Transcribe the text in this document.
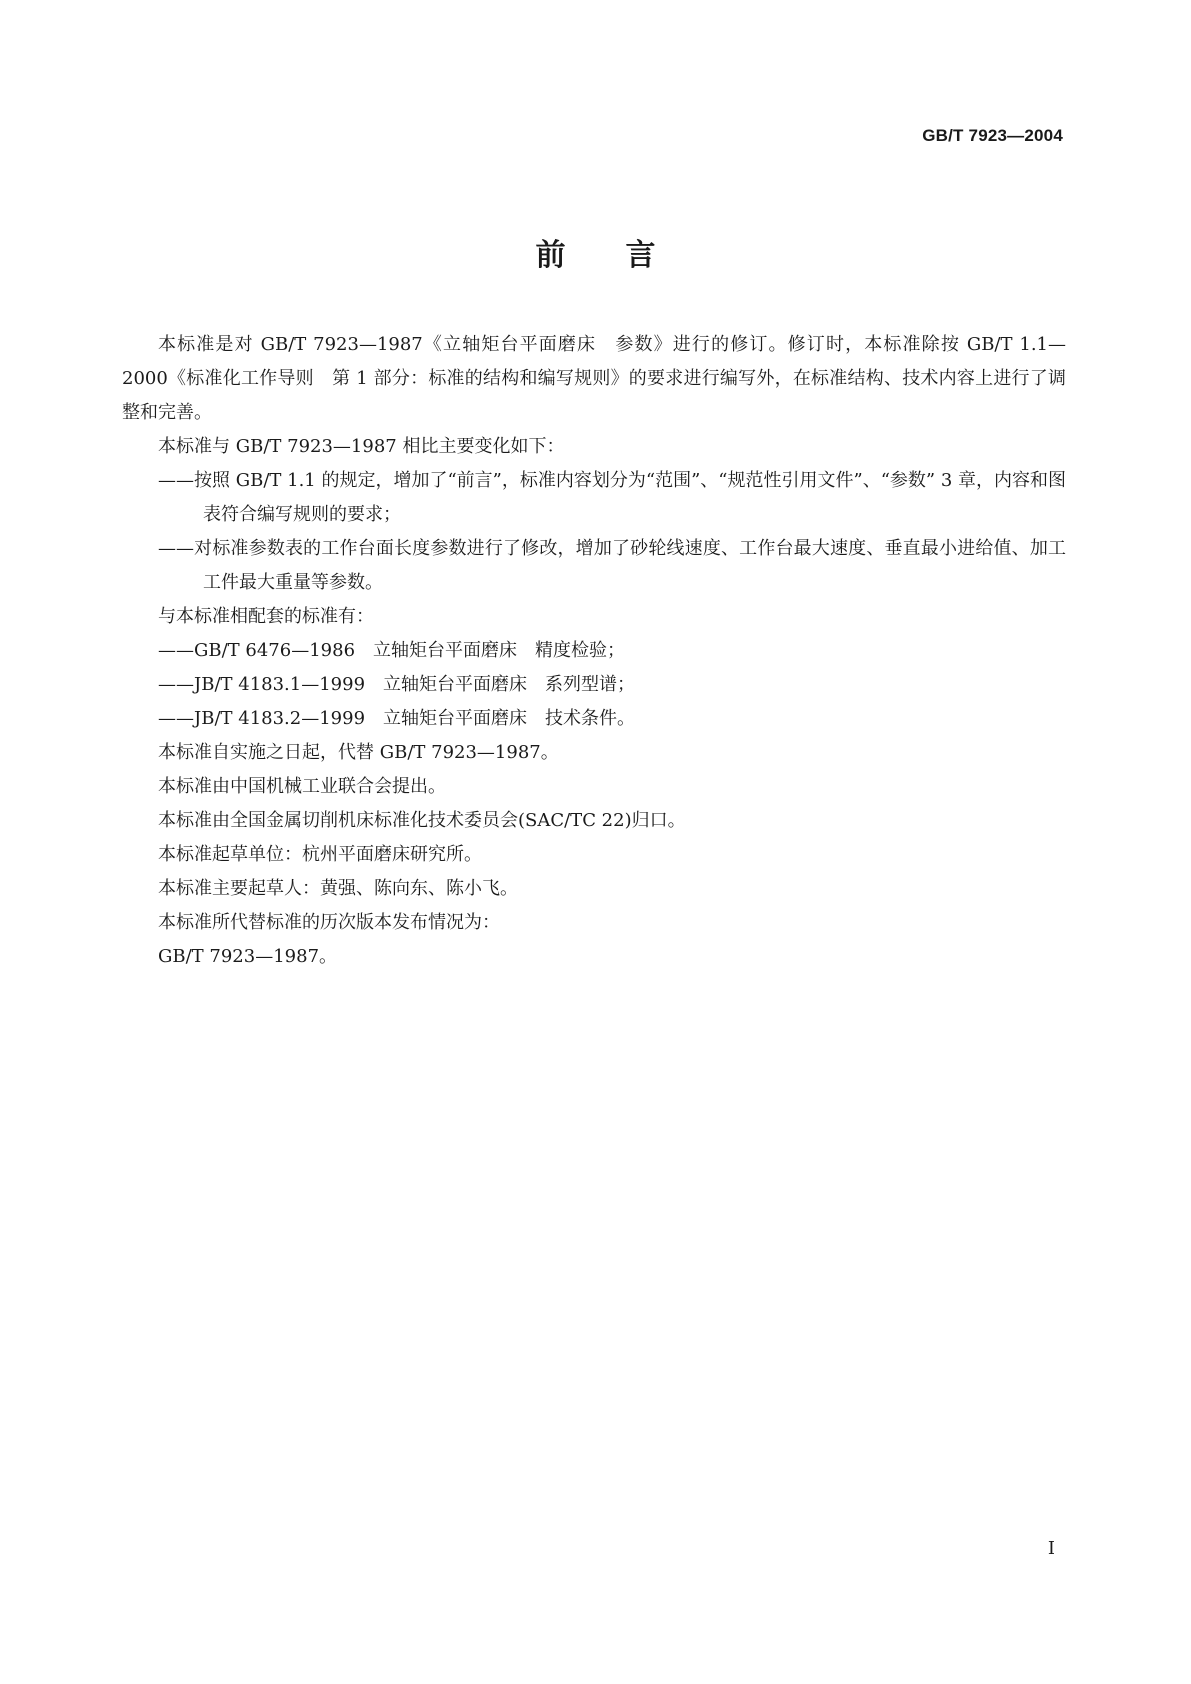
GB/T 7923—2004
前　　言

本标准是对 GB/T 7923—1987《立轴矩台平面磨床　参数》进行的修订。修订时，本标准除按 GB/T 1.1—2000《标准化工作导则　第 1 部分：标准的结构和编写规则》的要求进行编写外，在标准结构、技术内容上进行了调整和完善。

本标准与 GB/T 7923—1987 相比主要变化如下：

——按照 GB/T 1.1 的规定，增加了“前言”，标准内容划分为“范围”、“规范性引用文件”、“参数” 3 章，内容和图表符合编写规则的要求；

——对标准参数表的工作台面长度参数进行了修改，增加了砂轮线速度、工作台最大速度、垂直最小进给值、加工工件最大重量等参数。

与本标准相配套的标准有：

——GB/T 6476—1986　立轴矩台平面磨床　精度检验；

——JB/T 4183.1—1999　立轴矩台平面磨床　系列型谱；

——JB/T 4183.2—1999　立轴矩台平面磨床　技术条件。

本标准自实施之日起，代替 GB/T 7923—1987。

本标准由中国机械工业联合会提出。

本标准由全国金属切削机床标准化技术委员会(SAC/TC 22)归口。

本标准起草单位：杭州平面磨床研究所。

本标准主要起草人：黄强、陈向东、陈小飞。

本标准所代替标准的历次版本发布情况为：

GB/T 7923—1987。

I
